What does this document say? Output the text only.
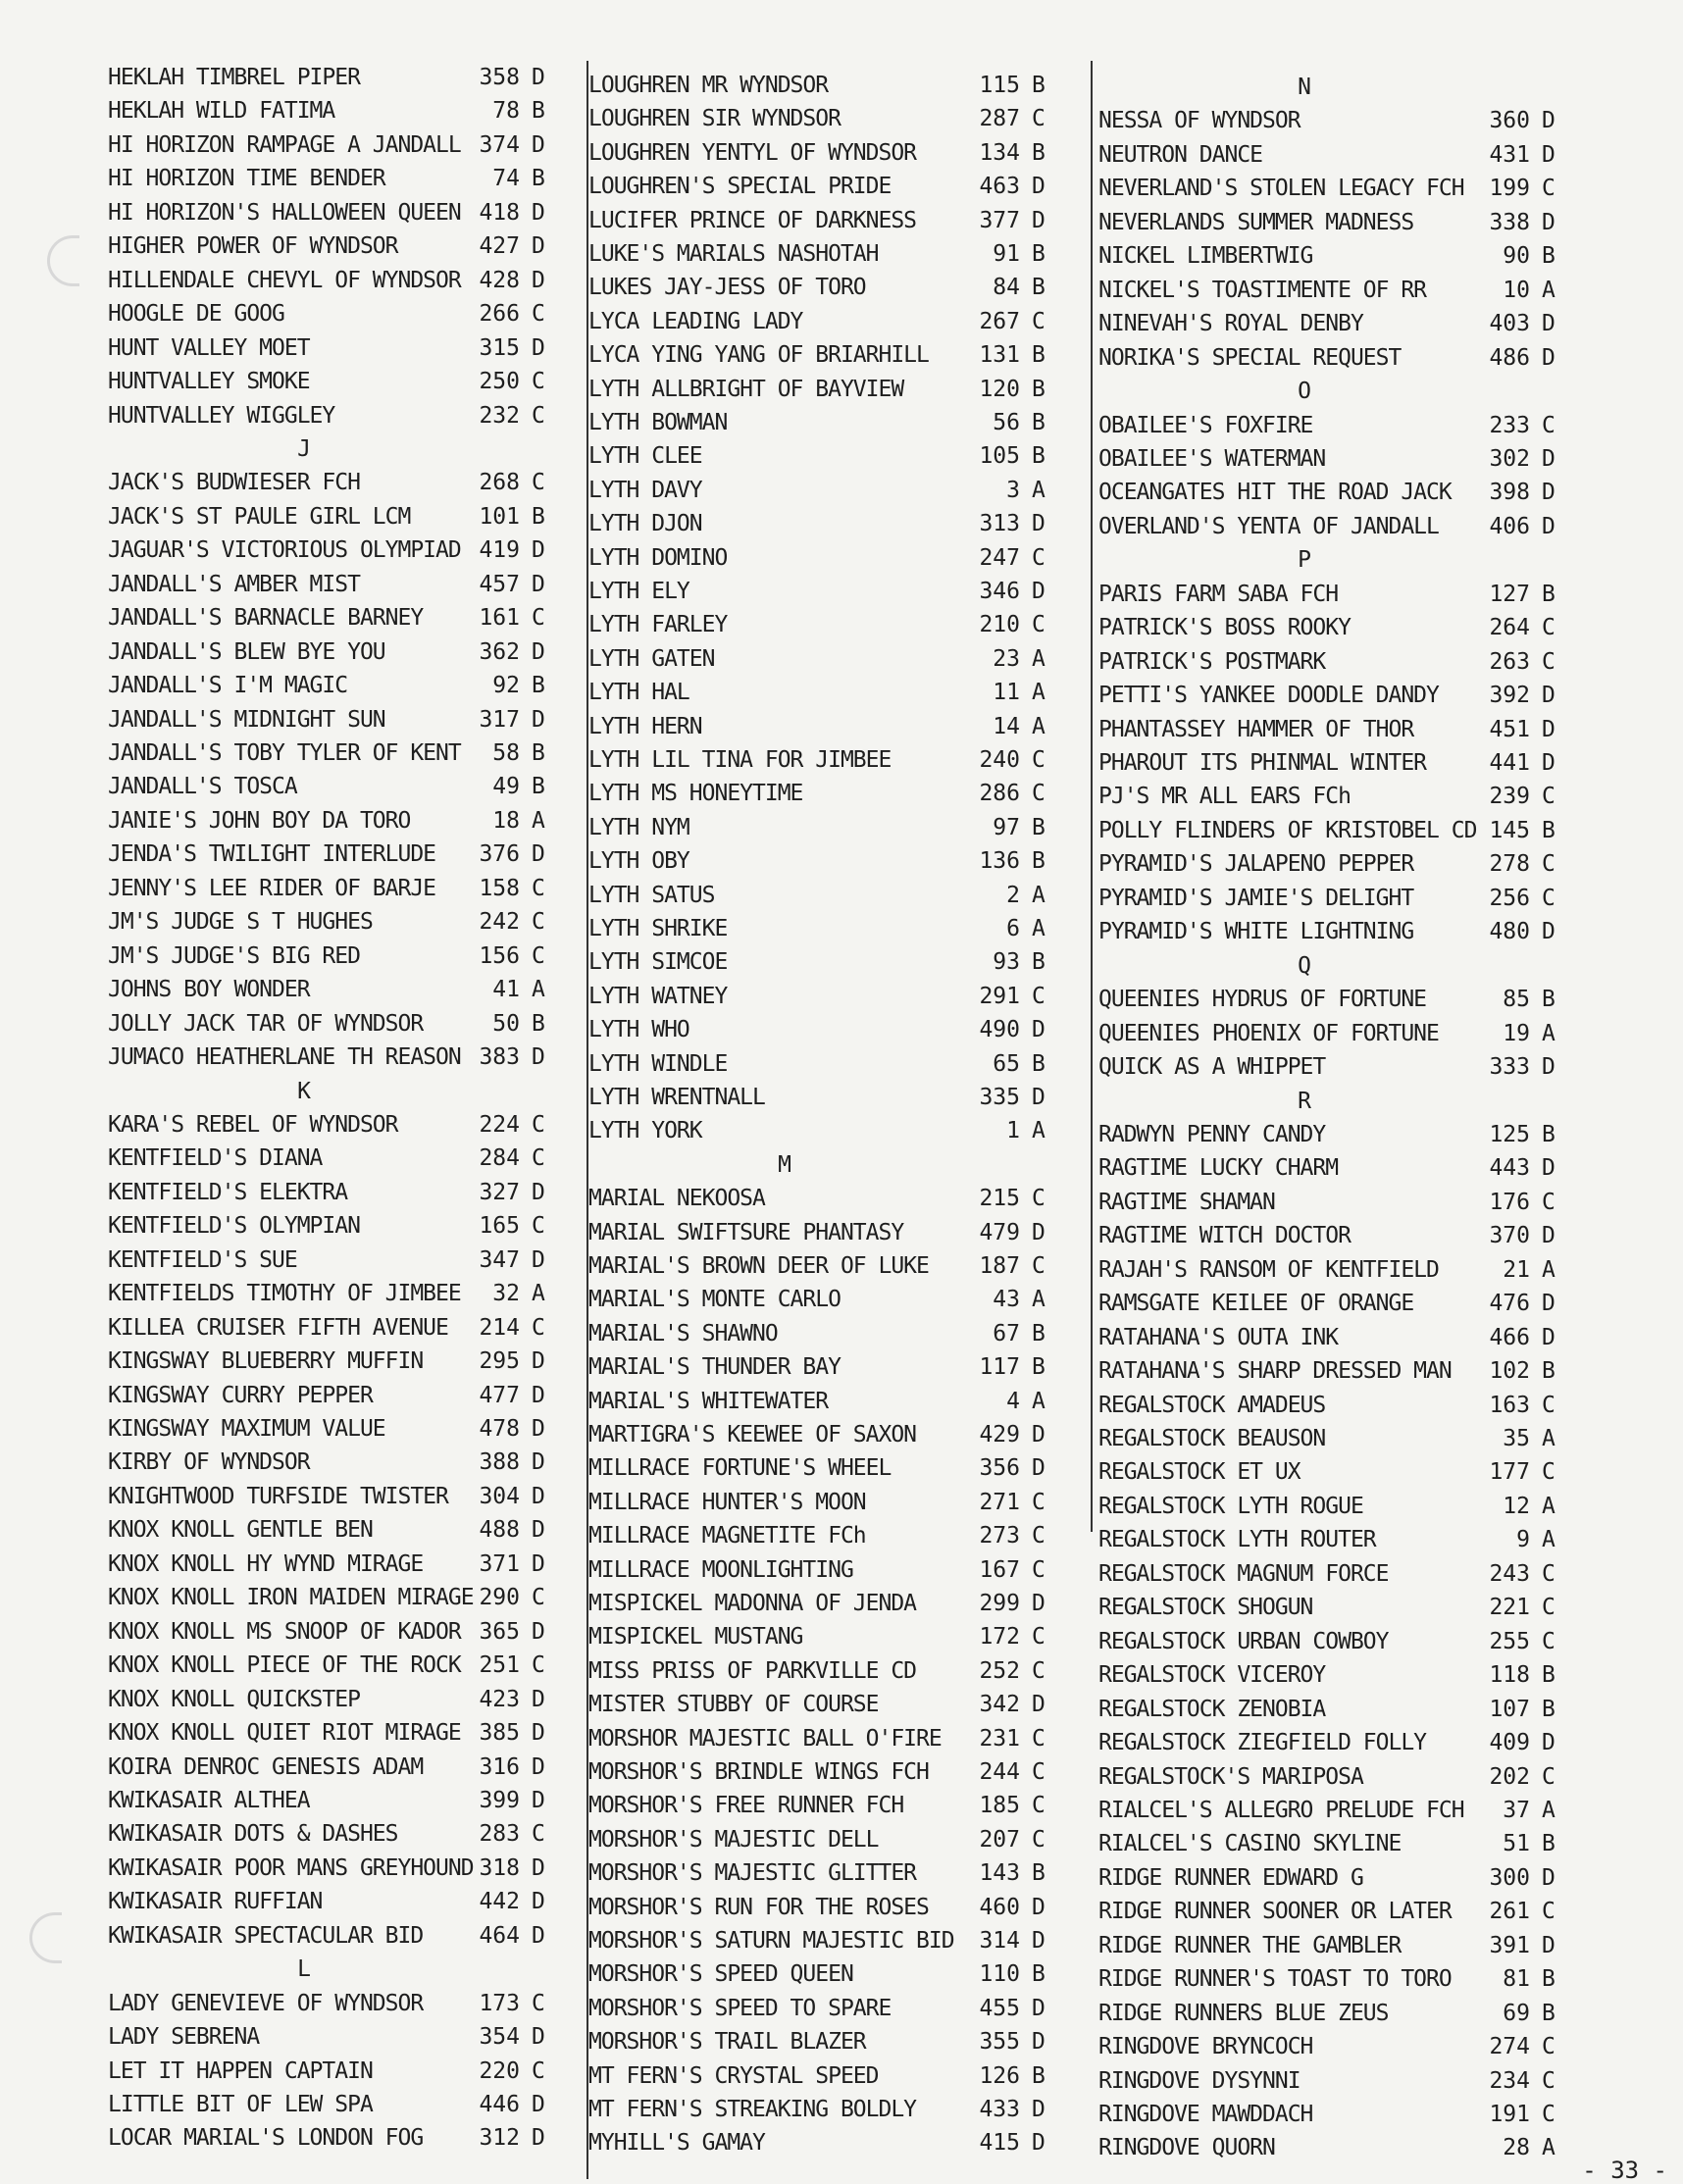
HEKLAH TIMBREL PIPER	358 D
HEKLAH WILD FATIMA	78 B
HI HORIZON RAMPAGE A JANDALL 374 D
HI HORIZON TIME BENDER	74 B
HI HORIZON'S HALLOWEEN QUEEN 418 D
HIGHER POWER OF WYNDSOR	427 D
HILLENDALE CHEVYL OF WYNDSOR 428 D
HOOGLE DE GOOG	266 C
HUNT VALLEY MOET	315 D
HUNTVALLEY SMOKE	250 C
HUNTVALLEY WIGGLEY	232 C
J
JACK'S BUDWIESER FCH	268 C
JACK'S ST PAULE GIRL LCM	101 B
JAGUAR'S VICTORIOUS OLYMPIAD 419 D
JANDALL'S AMBER MIST	457 D
JANDALL'S BARNACLE BARNEY	161 C
JANDALL'S BLEW BYE YOU	362 D
JANDALL'S I'M MAGIC	92 B
JANDALL'S MIDNIGHT SUN	317 D
JANDALL'S TOBY TYLER OF KENT	58 B
JANDALL'S TOSCA	49 B
JANIE'S JOHN BOY DA TORO	18 A
JENDA'S TWILIGHT INTERLUDE	376 D
JENNY'S LEE RIDER OF BARJE	158 C
JM'S JUDGE S T HUGHES	242 C
JM'S JUDGE'S BIG RED	156 C
JOHNS BOY WONDER	41 A
JOLLY JACK TAR OF WYNDSOR	50 B
JUMACO HEATHERLANE TH REASON 383 D
K
KARA'S REBEL OF WYNDSOR	224 C
KENTFIELD'S DIANA	284 C
KENTFIELD'S ELEKTRA	327 D
KENTFIELD'S OLYMPIAN	165 C
KENTFIELD'S SUE	347 D
KENTFIELDS TIMOTHY OF JIMBEE	32 A
KILLEA CRUISER FIFTH AVENUE	214 C
KINGSWAY BLUEBERRY MUFFIN	295 D
KINGSWAY CURRY PEPPER	477 D
KINGSWAY MAXIMUM VALUE	478 D
KIRBY OF WYNDSOR	388 D
KNIGHTWOOD TURFSIDE TWISTER	304 D
KNOX KNOLL GENTLE BEN	488 D
KNOX KNOLL HY WYND MIRAGE	371 D
KNOX KNOLL IRON MAIDEN MIRAGE 290 C
KNOX KNOLL MS SNOOP OF KADOR 365 D
KNOX KNOLL PIECE OF THE ROCK 251 C
KNOX KNOLL QUICKSTEP	423 D
KNOX KNOLL QUIET RIOT MIRAGE 385 D
KOIRA DENROC GENESIS ADAM	316 D
KWIKASAIR ALTHEA	399 D
KWIKASAIR DOTS & DASHES	283 C
KWIKASAIR POOR MANS GREYHOUND 318 D
KWIKASAIR RUFFIAN	442 D
KWIKASAIR SPECTACULAR BID	464 D
L
LADY GENEVIEVE OF WYNDSOR	173 C
LADY SEBRENA	354 D
LET IT HAPPEN CAPTAIN	220 C
LITTLE BIT OF LEW SPA	446 D
LOCAR MARIAL'S LONDON FOG	312 D
LOUGHREN MR WYNDSOR	115 B
LOUGHREN SIR WYNDSOR	287 C
LOUGHREN YENTYL OF WYNDSOR	134 B
LOUGHREN'S SPECIAL PRIDE	463 D
LUCIFER PRINCE OF DARKNESS	377 D
LUKE'S MARIALS NASHOTAH	91 B
LUKES JAY-JESS OF TORO	84 B
LYCA LEADING LADY	267 C
LYCA YING YANG OF BRIARHILL	131 B
LYTH ALLBRIGHT OF BAYVIEW	120 B
LYTH BOWMAN	56 B
LYTH CLEE	105 B
LYTH DAVY	3 A
LYTH DJON	313 D
LYTH DOMINO	247 C
LYTH ELY	346 D
LYTH FARLEY	210 C
LYTH GATEN	23 A
LYTH HAL	11 A
LYTH HERN	14 A
LYTH LIL TINA FOR JIMBEE	240 C
LYTH MS HONEYTIME	286 C
LYTH NYM	97 B
LYTH OBY	136 B
LYTH SATUS	2 A
LYTH SHRIKE	6 A
LYTH SIMCOE	93 B
LYTH WATNEY	291 C
LYTH WHO	490 D
LYTH WINDLE	65 B
LYTH WRENTNALL	335 D
LYTH YORK	1 A
M
MARIAL NEKOOSA	215 C
MARIAL SWIFTSURE PHANTASY	479 D
MARIAL'S BROWN DEER OF LUKE	187 C
MARIAL'S MONTE CARLO	43 A
MARIAL'S SHAWNO	67 B
MARIAL'S THUNDER BAY	117 B
MARIAL'S WHITEWATER	4 A
MARTIGRA'S KEEWEE OF SAXON	429 D
MILLRACE FORTUNE'S WHEEL	356 D
MILLRACE HUNTER'S MOON	271 C
MILLRACE MAGNETITE FCh	273 C
MILLRACE MOONLIGHTING	167 C
MISPICKEL MADONNA OF JENDA	299 D
MISPICKEL MUSTANG	172 C
MISS PRISS OF PARKVILLE CD	252 C
MISTER STUBBY OF COURSE	342 D
MORSHOR MAJESTIC BALL O'FIRE	231 C
MORSHOR'S BRINDLE WINGS FCH	244 C
MORSHOR'S FREE RUNNER FCH	185 C
MORSHOR'S MAJESTIC DELL	207 C
MORSHOR'S MAJESTIC GLITTER	143 B
MORSHOR'S RUN FOR THE ROSES	460 D
MORSHOR'S SATURN MAJESTIC BID	314 D
MORSHOR'S SPEED QUEEN	110 B
MORSHOR'S SPEED TO SPARE	455 D
MORSHOR'S TRAIL BLAZER	355 D
MT FERN'S CRYSTAL SPEED	126 B
MT FERN'S STREAKING BOLDLY	433 D
MYHILL'S GAMAY	415 D
N
NESSA OF WYNDSOR	360 D
NEUTRON DANCE	431 D
NEVERLAND'S STOLEN LEGACY FCH	199 C
NEVERLANDS SUMMER MADNESS	338 D
NICKEL LIMBERTWIG	90 B
NICKEL'S TOASTIMENTE OF RR	10 A
NINEVAH'S ROYAL DENBY	403 D
NORIKA'S SPECIAL REQUEST	486 D
O
OBAILEE'S FOXFIRE	233 C
OBAILEE'S WATERMAN	302 D
OCEANGATES HIT THE ROAD JACK	398 D
OVERLAND'S YENTA OF JANDALL	406 D
P
PARIS FARM SABA FCH	127 B
PATRICK'S BOSS ROOKY	264 C
PATRICK'S POSTMARK	263 C
PETTI'S YANKEE DOODLE DANDY	392 D
PHANTASSEY HAMMER OF THOR	451 D
PHAROUT ITS PHINMAL WINTER	441 D
PJ'S MR ALL EARS FCh	239 C
POLLY FLINDERS OF KRISTOBEL CD 145 B
PYRAMID'S JALAPENO PEPPER	278 C
PYRAMID'S JAMIE'S DELIGHT	256 C
PYRAMID'S WHITE LIGHTNING	480 D
Q
QUEENIES HYDRUS OF FORTUNE	85 B
QUEENIES PHOENIX OF FORTUNE	19 A
QUICK AS A WHIPPET	333 D
R
RADWYN PENNY CANDY	125 B
RAGTIME LUCKY CHARM	443 D
RAGTIME SHAMAN	176 C
RAGTIME WITCH DOCTOR	370 D
RAJAH'S RANSOM OF KENTFIELD	21 A
RAMSGATE KEILEE OF ORANGE	476 D
RATAHANA'S OUTA INK	466 D
RATAHANA'S SHARP DRESSED MAN	102 B
REGALSTOCK AMADEUS	163 C
REGALSTOCK BEAUSON	35 A
REGALSTOCK ET UX	177 C
REGALSTOCK LYTH ROGUE	12 A
REGALSTOCK LYTH ROUTER	9 A
REGALSTOCK MAGNUM FORCE	243 C
REGALSTOCK SHOGUN	221 C
REGALSTOCK URBAN COWBOY	255 C
REGALSTOCK VICEROY	118 B
REGALSTOCK ZENOBIA	107 B
REGALSTOCK ZIEGFIELD FOLLY	409 D
REGALSTOCK'S MARIPOSA	202 C
RIALCEL'S ALLEGRO PRELUDE FCH	37 A
RIALCEL'S CASINO SKYLINE	51 B
RIDGE RUNNER EDWARD G	300 D
RIDGE RUNNER SOONER OR LATER	261 C
RIDGE RUNNER THE GAMBLER	391 D
RIDGE RUNNER'S TOAST TO TORO	81 B
RIDGE RUNNERS BLUE ZEUS	69 B
RINGDOVE BRYNCOCH	274 C
RINGDOVE DYSYNNI	234 C
RINGDOVE MAWDDACH	191 C
RINGDOVE QUORN	28 A
- 33 -
